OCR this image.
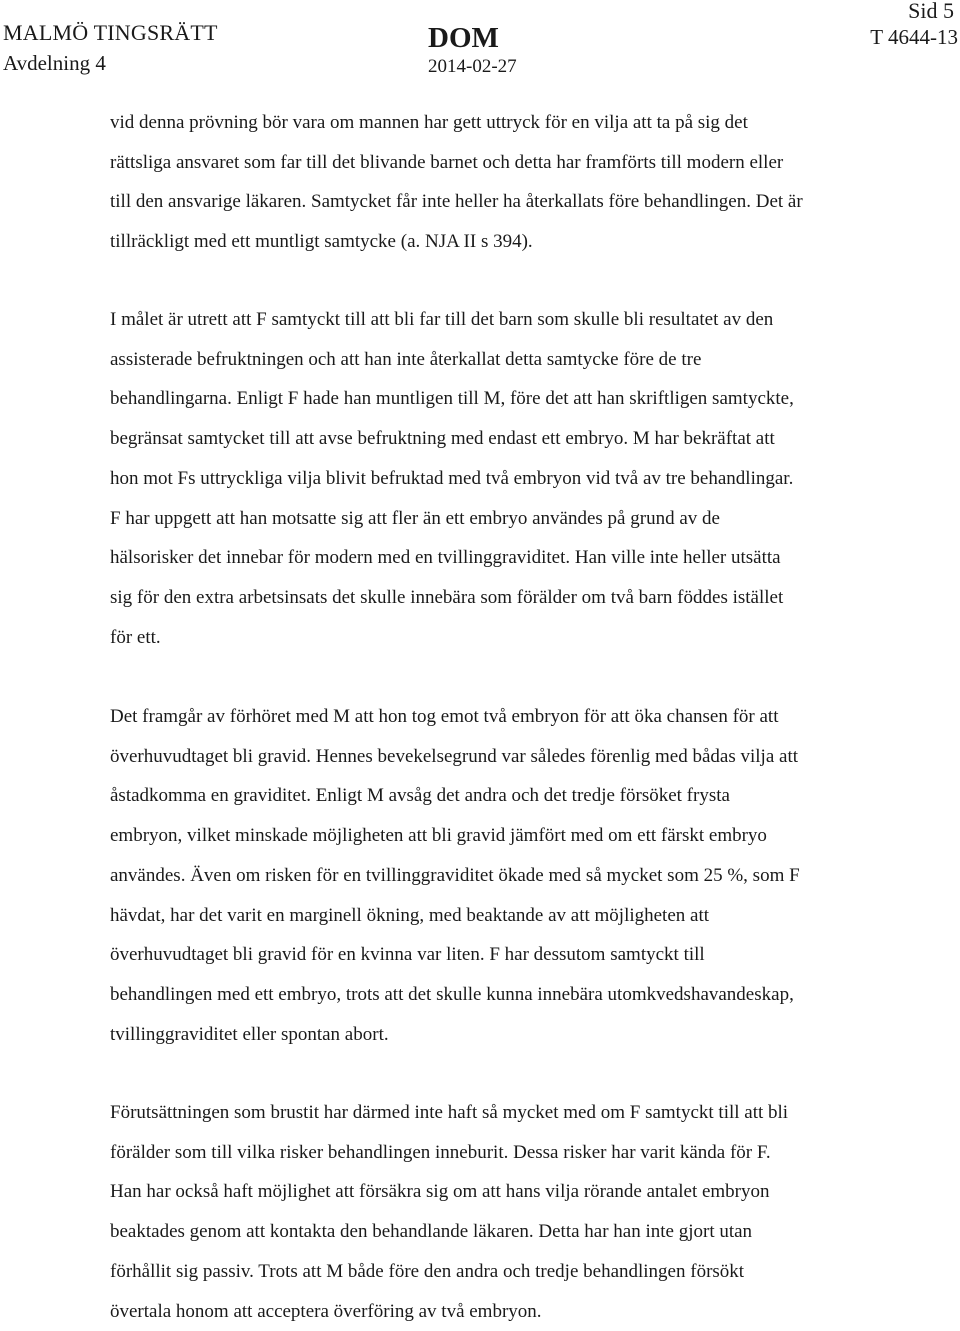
MALMÖ TINGSRÄTT
Avdelning 4
DOM
2014-02-27
Sid 5
T 4644-13

vid denna prövning bör vara om mannen har gett uttryck för en vilja att ta på sig det
rättsliga ansvaret som far till det blivande barnet och detta har framförts till modern eller
till den ansvarige läkaren. Samtycket får inte heller ha återkallats före behandlingen. Det är
tillräckligt med ett muntligt samtycke (a. NJA II s 394).

I målet är utrett att F samtyckt till att bli far till det barn som skulle bli resultatet av den
assisterade befruktningen och att han inte återkallat detta samtycke före de tre
behandlingarna. Enligt F hade han muntligen till M, före det att han skriftligen samtyckte,
begränsat samtycket till att avse befruktning med endast ett embryo. M har bekräftat att
hon mot Fs uttryckliga vilja blivit befruktad med två embryon vid två av tre behandlingar.
F har uppgett att han motsatte sig att fler än ett embryo användes på grund av de
hälsorisker det innebar för modern med en tvillinggraviditet. Han ville inte heller utsätta
sig för den extra arbetsinsats det skulle innebära som förälder om två barn föddes istället
för ett.

Det framgår av förhöret med M att hon tog emot två embryon för att öka chansen för att
överhuvudtaget bli gravid. Hennes bevekelsegrund var således förenlig med bådas vilja att
åstadkomma en graviditet. Enligt M avsåg det andra och det tredje försöket frysta
embryon, vilket minskade möjligheten att bli gravid jämfört med om ett färskt embryo
användes. Även om risken för en tvillinggraviditet ökade med så mycket som 25 %, som F
hävdat, har det varit en marginell ökning, med beaktande av att möjligheten att
överhuvudtaget bli gravid för en kvinna var liten. F har dessutom samtyckt till
behandlingen med ett embryo, trots att det skulle kunna innebära utomkvedshavandeskap,
tvillinggraviditet eller spontan abort.

Förutsättningen som brustit har därmed inte haft så mycket med om F samtyckt till att bli
förälder som till vilka risker behandlingen inneburit. Dessa risker har varit kända för F.
Han har också haft möjlighet att försäkra sig om att hans vilja rörande antalet embryon
beaktades genom att kontakta den behandlande läkaren. Detta har han inte gjort utan
förhållit sig passiv. Trots att M både före den andra och tredje behandlingen försökt
övertala honom att acceptera överföring av två embryon.
